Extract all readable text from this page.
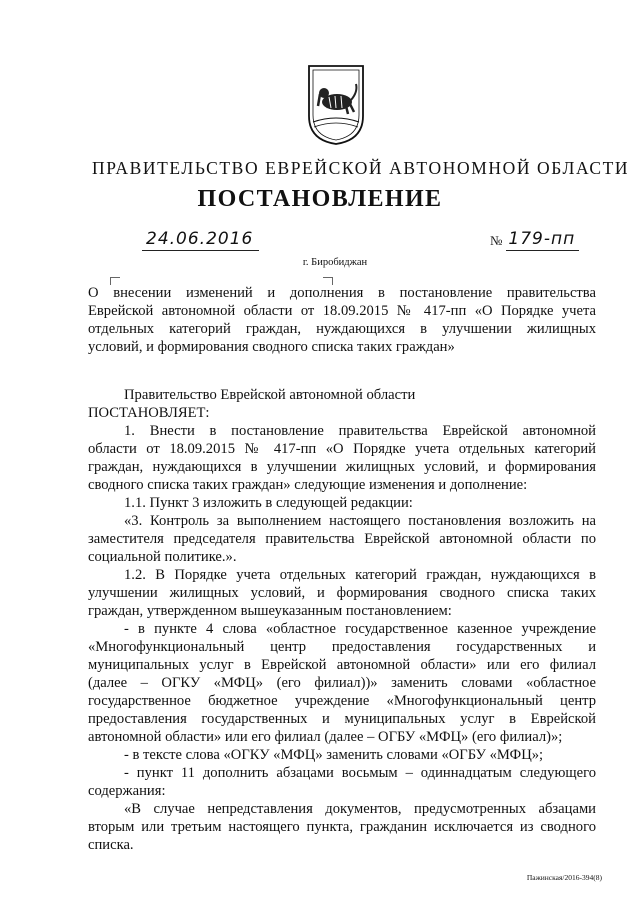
ПРАВИТЕЛЬСТВО ЕВРЕЙСКОЙ АВТОНОМНОЙ ОБЛАСТИ
ПОСТАНОВЛЕНИЕ
24.06.2016	№ 179-пп
г. Биробиджан
О внесении изменений и дополнения в постановление правительства
Еврейской автономной области от 18.09.2015 № 417-пп «О Порядке учета
отдельных категорий граждан, нуждающихся в улучшении жилищных
условий, и формирования сводного списка таких граждан»
Правительство Еврейской автономной области
ПОСТАНОВЛЯЕТ:
1. Внести в постановление правительства Еврейской автономной
области от 18.09.2015 № 417-пп «О Порядке учета отдельных категорий
граждан, нуждающихся в улучшении жилищных условий, и формирования
сводного списка таких граждан» следующие изменения и дополнение:
1.1. Пункт 3 изложить в следующей редакции:
«3. Контроль за выполнением настоящего постановления возложить на
заместителя председателя правительства Еврейской автономной области по
социальной политике.».
1.2. В Порядке учета отдельных категорий граждан, нуждающихся в
улучшении жилищных условий, и формирования сводного списка таких
граждан, утвержденном вышеуказанным постановлением:
- в пункте 4 слова «областное государственное казенное учреждение
«Многофункциональный центр предоставления государственных и
муниципальных услуг в Еврейской автономной области» или его филиал
(далее – ОГКУ «МФЦ» (его филиал))» заменить словами «областное
государственное бюджетное учреждение «Многофункциональный центр
предоставления государственных и муниципальных услуг в Еврейской
автономной области» или его филиал (далее – ОГБУ «МФЦ» (его филиал)»;
- в тексте слова «ОГКУ «МФЦ» заменить словами «ОГБУ «МФЦ»;
- пункт 11 дополнить абзацами восьмым – одиннадцатым следующего
содержания:
«В случае непредставления документов, предусмотренных абзацами
вторым или третьим настоящего пункта, гражданин исключается из сводного
списка.
Пажинская/2016-394(8)
